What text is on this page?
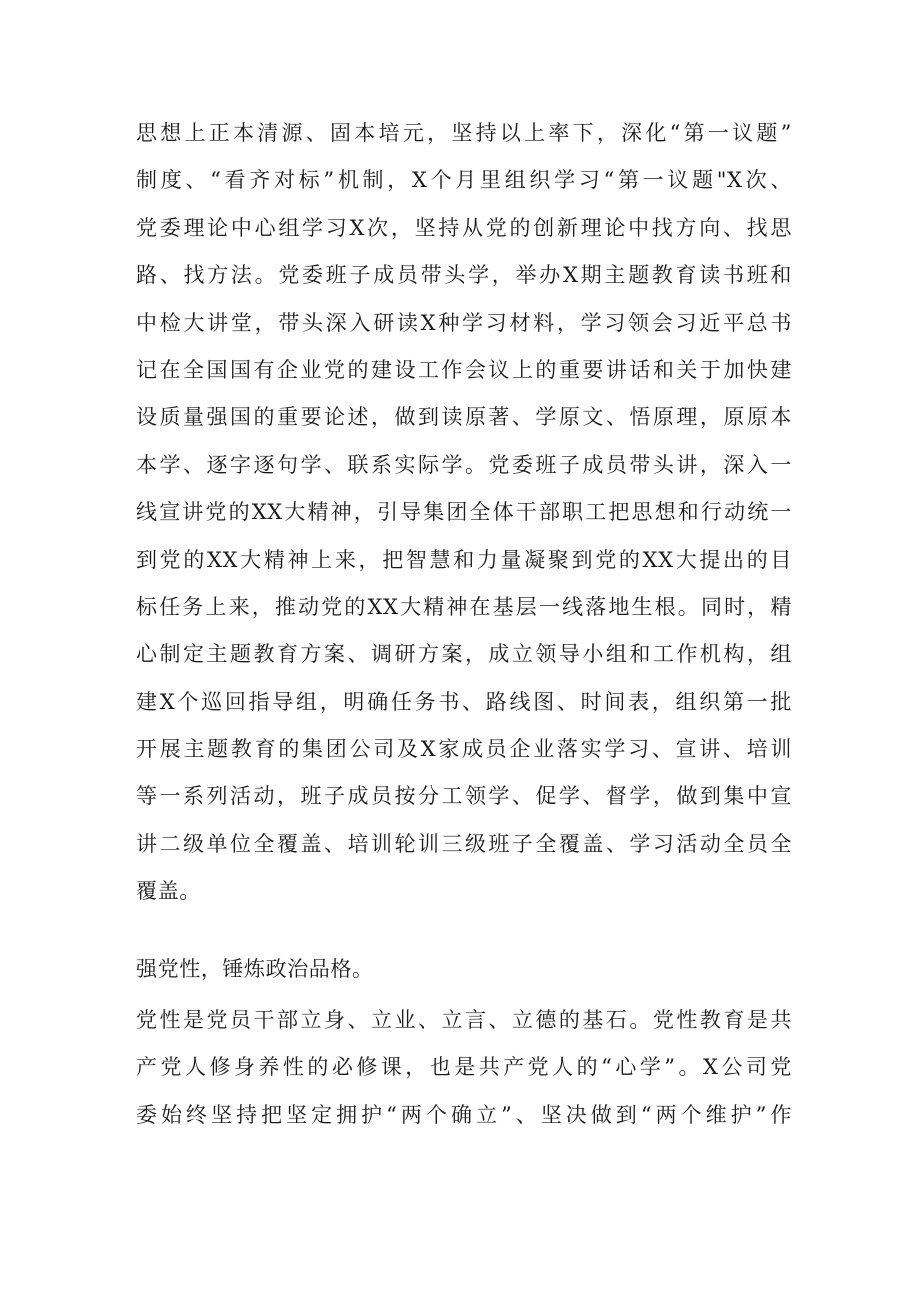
思想上正本清源、固本培元，坚持以上率下，深化“第一议题”
制度、“看齐对标”机制，X个月里组织学习“第一议题"X次、
党委理论中心组学习X次，坚持从党的创新理论中找方向、找思
路、找方法。党委班子成员带头学，举办X期主题教育读书班和
中检大讲堂，带头深入研读X种学习材料，学习领会习近平总书
记在全国国有企业党的建设工作会议上的重要讲话和关于加快建
设质量强国的重要论述，做到读原著、学原文、悟原理，原原本
本学、逐字逐句学、联系实际学。党委班子成员带头讲，深入一
线宣讲党的XX大精神，引导集团全体干部职工把思想和行动统一
到党的XX大精神上来，把智慧和力量凝聚到党的XX大提出的目
标任务上来，推动党的XX大精神在基层一线落地生根。同时，精
心制定主题教育方案、调研方案，成立领导小组和工作机构，组
建X个巡回指导组，明确任务书、路线图、时间表，组织第一批
开展主题教育的集团公司及X家成员企业落实学习、宣讲、培训
等一系列活动，班子成员按分工领学、促学、督学，做到集中宣
讲二级单位全覆盖、培训轮训三级班子全覆盖、学习活动全员全
覆盖。
强党性，锤炼政治品格。
党性是党员干部立身、立业、立言、立德的基石。党性教育是共
产党人修身养性的必修课，也是共产党人的“心学”。X公司党
委始终坚持把坚定拥护“两个确立”、坚决做到“两个维护”作
